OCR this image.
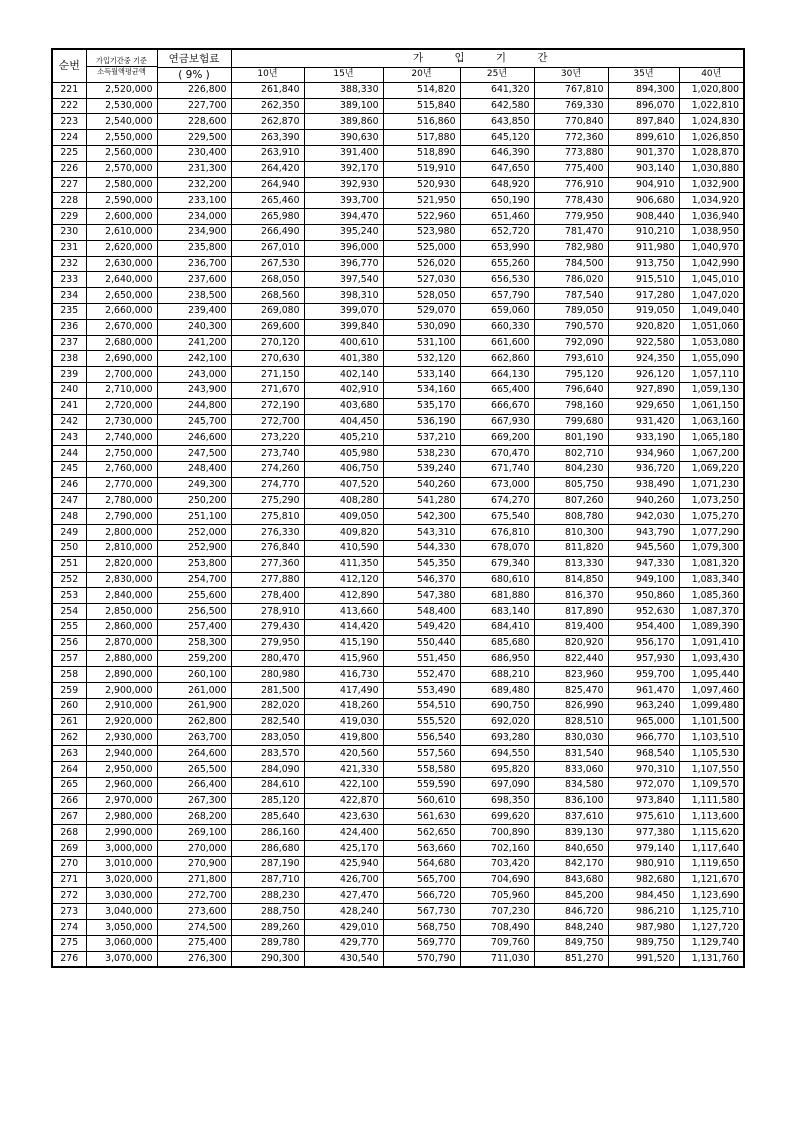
순번	가입기간중 기준
소득월액평균액	연금보험료	가 입 기 간						
		( 9% )	10년	15년	20년	25년	30년	35년	40년
221	2,520,000	226,800	261,840	388,330	514,820	641,320	767,810	894,300	1,020,800
222	2,530,000	227,700	262,350	389,100	515,840	642,580	769,330	896,070	1,022,810
223	2,540,000	228,600	262,870	389,860	516,860	643,850	770,840	897,840	1,024,830
224	2,550,000	229,500	263,390	390,630	517,880	645,120	772,360	899,610	1,026,850
225	2,560,000	230,400	263,910	391,400	518,890	646,390	773,880	901,370	1,028,870
226	2,570,000	231,300	264,420	392,170	519,910	647,650	775,400	903,140	1,030,880
227	2,580,000	232,200	264,940	392,930	520,930	648,920	776,910	904,910	1,032,900
228	2,590,000	233,100	265,460	393,700	521,950	650,190	778,430	906,680	1,034,920
229	2,600,000	234,000	265,980	394,470	522,960	651,460	779,950	908,440	1,036,940
230	2,610,000	234,900	266,490	395,240	523,980	652,720	781,470	910,210	1,038,950
231	2,620,000	235,800	267,010	396,000	525,000	653,990	782,980	911,980	1,040,970
232	2,630,000	236,700	267,530	396,770	526,020	655,260	784,500	913,750	1,042,990
233	2,640,000	237,600	268,050	397,540	527,030	656,530	786,020	915,510	1,045,010
234	2,650,000	238,500	268,560	398,310	528,050	657,790	787,540	917,280	1,047,020
235	2,660,000	239,400	269,080	399,070	529,070	659,060	789,050	919,050	1,049,040
236	2,670,000	240,300	269,600	399,840	530,090	660,330	790,570	920,820	1,051,060
237	2,680,000	241,200	270,120	400,610	531,100	661,600	792,090	922,580	1,053,080
238	2,690,000	242,100	270,630	401,380	532,120	662,860	793,610	924,350	1,055,090
239	2,700,000	243,000	271,150	402,140	533,140	664,130	795,120	926,120	1,057,110
240	2,710,000	243,900	271,670	402,910	534,160	665,400	796,640	927,890	1,059,130
241	2,720,000	244,800	272,190	403,680	535,170	666,670	798,160	929,650	1,061,150
242	2,730,000	245,700	272,700	404,450	536,190	667,930	799,680	931,420	1,063,160
243	2,740,000	246,600	273,220	405,210	537,210	669,200	801,190	933,190	1,065,180
244	2,750,000	247,500	273,740	405,980	538,230	670,470	802,710	934,960	1,067,200
245	2,760,000	248,400	274,260	406,750	539,240	671,740	804,230	936,720	1,069,220
246	2,770,000	249,300	274,770	407,520	540,260	673,000	805,750	938,490	1,071,230
247	2,780,000	250,200	275,290	408,280	541,280	674,270	807,260	940,260	1,073,250
248	2,790,000	251,100	275,810	409,050	542,300	675,540	808,780	942,030	1,075,270
249	2,800,000	252,000	276,330	409,820	543,310	676,810	810,300	943,790	1,077,290
250	2,810,000	252,900	276,840	410,590	544,330	678,070	811,820	945,560	1,079,300
251	2,820,000	253,800	277,360	411,350	545,350	679,340	813,330	947,330	1,081,320
252	2,830,000	254,700	277,880	412,120	546,370	680,610	814,850	949,100	1,083,340
253	2,840,000	255,600	278,400	412,890	547,380	681,880	816,370	950,860	1,085,360
254	2,850,000	256,500	278,910	413,660	548,400	683,140	817,890	952,630	1,087,370
255	2,860,000	257,400	279,430	414,420	549,420	684,410	819,400	954,400	1,089,390
256	2,870,000	258,300	279,950	415,190	550,440	685,680	820,920	956,170	1,091,410
257	2,880,000	259,200	280,470	415,960	551,450	686,950	822,440	957,930	1,093,430
258	2,890,000	260,100	280,980	416,730	552,470	688,210	823,960	959,700	1,095,440
259	2,900,000	261,000	281,500	417,490	553,490	689,480	825,470	961,470	1,097,460
260	2,910,000	261,900	282,020	418,260	554,510	690,750	826,990	963,240	1,099,480
261	2,920,000	262,800	282,540	419,030	555,520	692,020	828,510	965,000	1,101,500
262	2,930,000	263,700	283,050	419,800	556,540	693,280	830,030	966,770	1,103,510
263	2,940,000	264,600	283,570	420,560	557,560	694,550	831,540	968,540	1,105,530
264	2,950,000	265,500	284,090	421,330	558,580	695,820	833,060	970,310	1,107,550
265	2,960,000	266,400	284,610	422,100	559,590	697,090	834,580	972,070	1,109,570
266	2,970,000	267,300	285,120	422,870	560,610	698,350	836,100	973,840	1,111,580
267	2,980,000	268,200	285,640	423,630	561,630	699,620	837,610	975,610	1,113,600
268	2,990,000	269,100	286,160	424,400	562,650	700,890	839,130	977,380	1,115,620
269	3,000,000	270,000	286,680	425,170	563,660	702,160	840,650	979,140	1,117,640
270	3,010,000	270,900	287,190	425,940	564,680	703,420	842,170	980,910	1,119,650
271	3,020,000	271,800	287,710	426,700	565,700	704,690	843,680	982,680	1,121,670
272	3,030,000	272,700	288,230	427,470	566,720	705,960	845,200	984,450	1,123,690
273	3,040,000	273,600	288,750	428,240	567,730	707,230	846,720	986,210	1,125,710
274	3,050,000	274,500	289,260	429,010	568,750	708,490	848,240	987,980	1,127,720
275	3,060,000	275,400	289,780	429,770	569,770	709,760	849,750	989,750	1,129,740
276	3,070,000	276,300	290,300	430,540	570,790	711,030	851,270	991,520	1,131,760
